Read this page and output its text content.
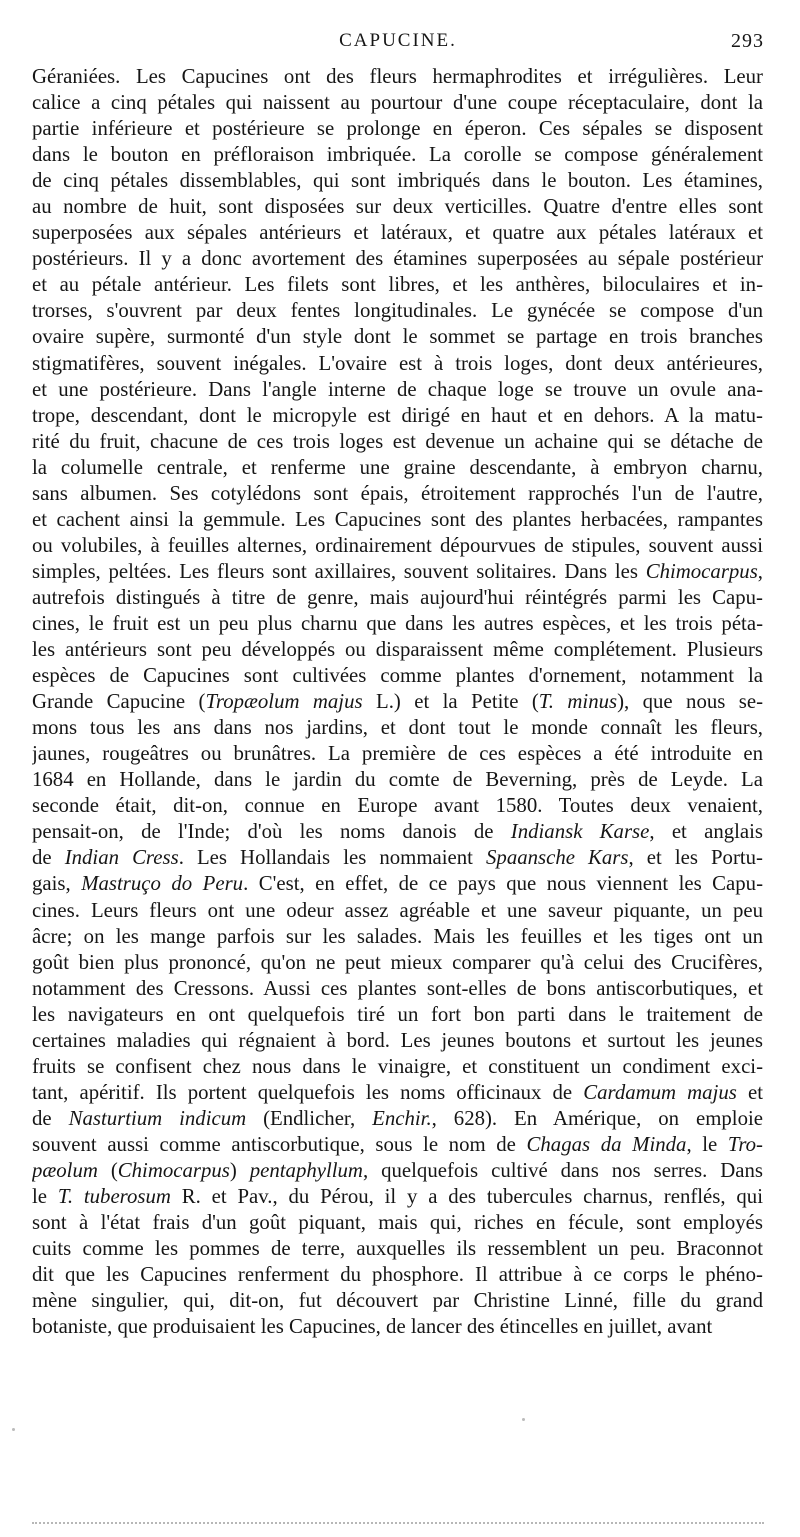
CAPUCINE.	293
Géraniées. Les Capucines ont des fleurs hermaphrodites et irrégulières. Leur
calice a cinq pétales qui naissent au pourtour d'une coupe réceptaculaire, dont la
partie inférieure et postérieure se prolonge en éperon. Ces sépales se disposent
dans le bouton en préfloraison imbriquée. La corolle se compose généralement
de cinq pétales dissemblables, qui sont imbriqués dans le bouton. Les étamines,
au nombre de huit, sont disposées sur deux verticilles. Quatre d'entre elles sont
superposées aux sépales antérieurs et latéraux, et quatre aux pétales latéraux et
postérieurs. Il y a donc avortement des étamines superposées au sépale postérieur
et au pétale antérieur. Les filets sont libres, et les anthères, biloculaires et in-
trorses, s'ouvrent par deux fentes longitudinales. Le gynécée se compose d'un
ovaire supère, surmonté d'un style dont le sommet se partage en trois branches
stigmatifères, souvent inégales. L'ovaire est à trois loges, dont deux antérieures,
et une postérieure. Dans l'angle interne de chaque loge se trouve un ovule ana-
trope, descendant, dont le micropyle est dirigé en haut et en dehors. A la matu-
rité du fruit, chacune de ces trois loges est devenue un achaine qui se détache de
la columelle centrale, et renferme une graine descendante, à embryon charnu,
sans albumen. Ses cotylédons sont épais, étroitement rapprochés l'un de l'autre,
et cachent ainsi la gemmule. Les Capucines sont des plantes herbacées, rampantes
ou volubiles, à feuilles alternes, ordinairement dépourvues de stipules, souvent aussi
simples, peltées. Les fleurs sont axillaires, souvent solitaires. Dans les Chimocarpus,
autrefois distingués à titre de genre, mais aujourd'hui réintégrés parmi les Capu-
cines, le fruit est un peu plus charnu que dans les autres espèces, et les trois péta-
les antérieurs sont peu développés ou disparaissent même complétement. Plusieurs
espèces de Capucines sont cultivées comme plantes d'ornement, notamment la
Grande Capucine (Tropæolum majus L.) et la Petite (T. minus), que nous se-
mons tous les ans dans nos jardins, et dont tout le monde connaît les fleurs,
jaunes, rougeâtres ou brunâtres. La première de ces espèces a été introduite en
1684 en Hollande, dans le jardin du comte de Beverning, près de Leyde. La
seconde était, dit-on, connue en Europe avant 1580. Toutes deux venaient,
pensait-on, de l'Inde; d'où les noms danois de Indiansk Karse, et anglais
de Indian Cress. Les Hollandais les nommaient Spaansche Kars, et les Portu-
gais, Mastruço do Peru. C'est, en effet, de ce pays que nous viennent les Capu-
cines. Leurs fleurs ont une odeur assez agréable et une saveur piquante, un peu
âcre; on les mange parfois sur les salades. Mais les feuilles et les tiges ont un
goût bien plus prononcé, qu'on ne peut mieux comparer qu'à celui des Crucifères,
notamment des Cressons. Aussi ces plantes sont-elles de bons antiscorbutiques, et
les navigateurs en ont quelquefois tiré un fort bon parti dans le traitement de
certaines maladies qui régnaient à bord. Les jeunes boutons et surtout les jeunes
fruits se confisent chez nous dans le vinaigre, et constituent un condiment exci-
tant, apéritif. Ils portent quelquefois les noms officinaux de Cardamum majus et
de Nasturtium indicum (Endlicher, Enchir., 628). En Amérique, on emploie
souvent aussi comme antiscorbutique, sous le nom de Chagas da Minda, le Tro-
pæolum (Chimocarpus) pentaphyllum, quelquefois cultivé dans nos serres. Dans
le T. tuberosum R. et Pav., du Pérou, il y a des tubercules charnus, renflés, qui
sont à l'état frais d'un goût piquant, mais qui, riches en fécule, sont employés
cuits comme les pommes de terre, auxquelles ils ressemblent un peu. Braconnot
dit que les Capucines renferment du phosphore. Il attribue à ce corps le phéno-
mène singulier, qui, dit-on, fut découvert par Christine Linné, fille du grand
botaniste, que produisaient les Capucines, de lancer des étincelles en juillet, avant
